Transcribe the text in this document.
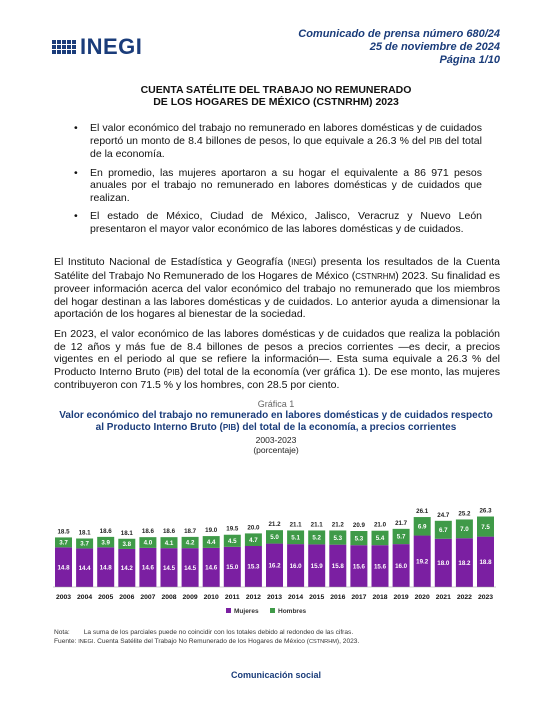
INEGI	Comunicado de prensa número 680/24
25 de noviembre de 2024
Página 1/10
CUENTA SATÉLITE DEL TRABAJO NO REMUNERADO
DE LOS HOGARES DE MÉXICO (CSTNRHM) 2023
• El valor económico del trabajo no remunerado en labores domésticas y de cuidados reportó un monto de 8.4 billones de pesos, lo que equivale a 26.3 % del PIB del total de la economía.
• En promedio, las mujeres aportaron a su hogar el equivalente a 86 971 pesos anuales por el trabajo no remunerado en labores domésticas y de cuidados que realizan.
• El estado de México, Ciudad de México, Jalisco, Veracruz y Nuevo León presentaron el mayor valor económico de las labores domésticas y de cuidados.

El Instituto Nacional de Estadística y Geografía (INEGI) presenta los resultados de la Cuenta Satélite del Trabajo No Remunerado de los Hogares de México (CSTNRHM) 2023. Su finalidad es proveer información acerca del valor económico del trabajo no remunerado que los miembros del hogar destinan a las labores domésticas y de cuidados. Lo anterior ayuda a dimensionar la aportación de los hogares al bienestar de la sociedad.

En 2023, el valor económico de las labores domésticas y de cuidados que realiza la población de 12 años y más fue de 8.4 billones de pesos a precios corrientes —es decir, a precios vigentes en el periodo al que se refiere la información—. Esta suma equivale a 26.3 % del Producto Interno Bruto (PIB) del total de la economía (ver gráfica 1). De ese monto, las mujeres contribuyeron con 71.5 % y los hombres, con 28.5 por ciento.

Gráfica 1
Valor económico del trabajo no remunerado en labores domésticas y de cuidados respecto
al Producto Interno Bruto (PIB) del total de la economía, a precios corrientes
2003-2023
(porcentaje)
14.8
3.7
18.5
2003
14.4
3.7
18.1
2004
14.8
3.9
18.6
2005
14.2
3.8
18.1
2006
14.6
4.0
18.6
2007
14.5
4.1
18.6
2008
14.5
4.2
18.7
2009
14.6
4.4
19.0
2010
15.0
4.5
19.5
2011
15.3
4.7
20.0
2012
16.2
5.0
21.2
2013
16.0
5.1
21.1
2014
15.9
5.2
21.1
2015
15.8
5.3
21.2
2016
15.6
5.3
20.9
2017
15.6
5.4
21.0
2018
16.0
5.7
21.7
2019
19.2
6.9
26.1
2020
18.0
6.7
24.7
2021
18.2
7.0
25.2
2022
18.8
7.5
26.3
2023
Mujeres	Hombres
Nota: La suma de los parciales puede no coincidir con los totales debido al redondeo de las cifras.
Fuente: INEGI. Cuenta Satélite del Trabajo No Remunerado de los Hogares de México (CSTNRHM), 2023.
Comunicación social
